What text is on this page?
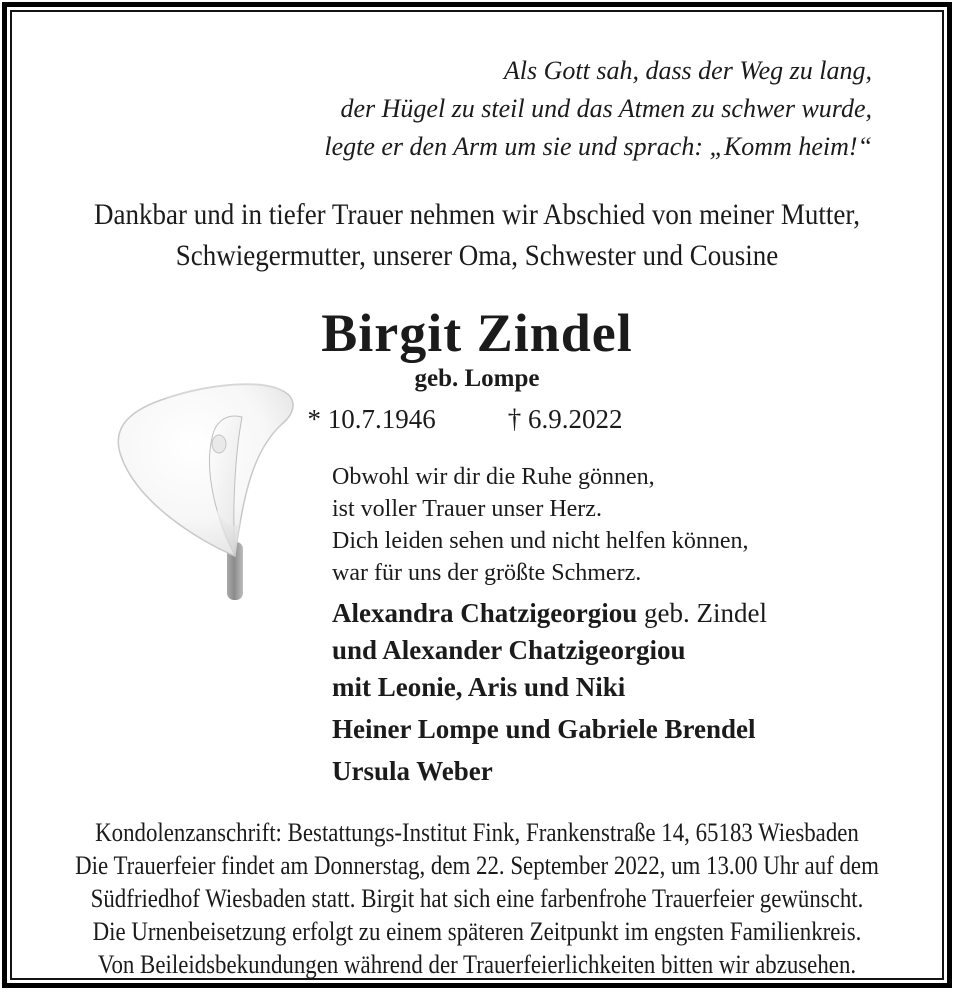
Als Gott sah, dass der Weg zu lang,
der Hügel zu steil und das Atmen zu schwer wurde,
legte er den Arm um sie und sprach: „Komm heim!“
Dankbar und in tiefer Trauer nehmen wir Abschied von meiner Mutter,
Schwiegermutter, unserer Oma, Schwester und Cousine
Birgit Zindel
geb. Lompe
* 10.7.1946	† 6.9.2022
Obwohl wir dir die Ruhe gönnen,
ist voller Trauer unser Herz.
Dich leiden sehen und nicht helfen können,
war für uns der größte Schmerz.
Alexandra Chatzigeorgiou geb. Zindel
und Alexander Chatzigeorgiou
mit Leonie, Aris und Niki
Heiner Lompe und Gabriele Brendel
Ursula Weber
Kondolenzanschrift: Bestattungs-Institut Fink, Frankenstraße 14, 65183 Wiesbaden
Die Trauerfeier findet am Donnerstag, dem 22. September 2022, um 13.00 Uhr auf dem
Südfriedhof Wiesbaden statt. Birgit hat sich eine farbenfrohe Trauerfeier gewünscht.
Die Urnenbeisetzung erfolgt zu einem späteren Zeitpunkt im engsten Familienkreis.
Von Beileidsbekundungen während der Trauerfeierlichkeiten bitten wir abzusehen.
